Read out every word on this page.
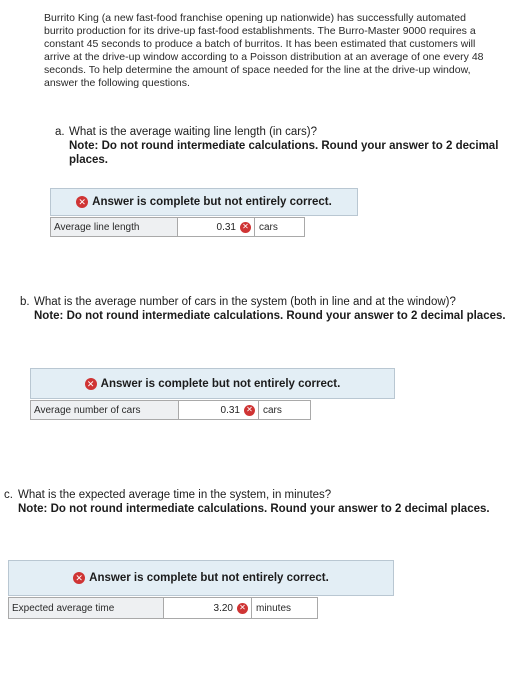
Burrito King (a new fast-food franchise opening up nationwide) has successfully automated burrito production for its drive-up fast-food establishments. The Burro-Master 9000 requires a constant 45 seconds to produce a batch of burritos. It has been estimated that customers will arrive at the drive-up window according to a Poisson distribution at an average of one every 48 seconds. To help determine the amount of space needed for the line at the drive-up window, answer the following questions.
a. What is the average waiting line length (in cars)?
Note: Do not round intermediate calculations. Round your answer to 2 decimal places.
✕ Answer is complete but not entirely correct.
Average line length	0.31 ✕	cars
b. What is the average number of cars in the system (both in line and at the window)?
Note: Do not round intermediate calculations. Round your answer to 2 decimal places.
✕ Answer is complete but not entirely correct.
Average number of cars	0.31 ✕	cars
c. What is the expected average time in the system, in minutes?
Note: Do not round intermediate calculations. Round your answer to 2 decimal places.
✕ Answer is complete but not entirely correct.
Expected average time	3.20 ✕	minutes
